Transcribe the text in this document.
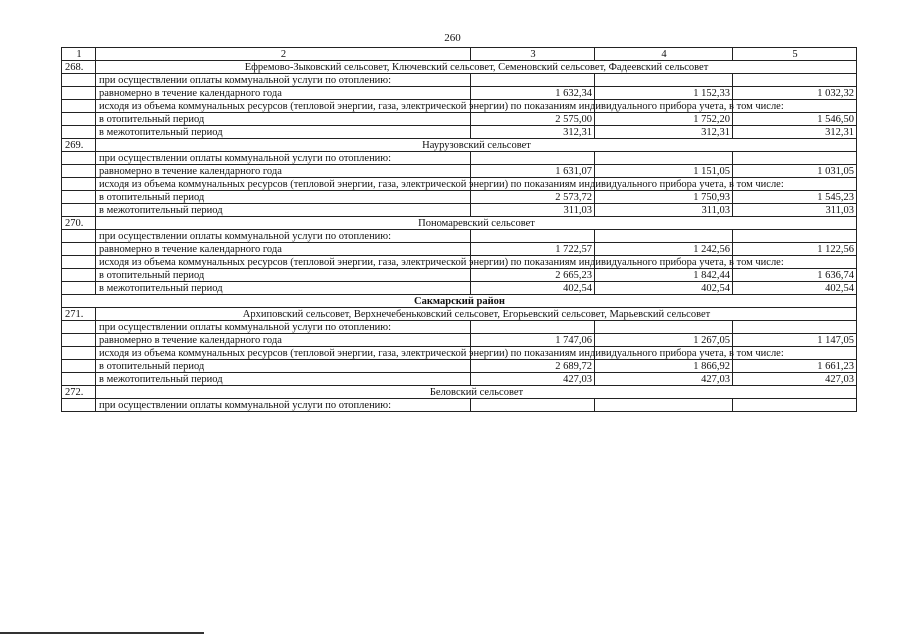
260
1	2	3	4	5
268.	Ефремово-Зыковский сельсовет, Ключевский сельсовет, Семеновский сельсовет, Фадеевский сельсовет			
	при осуществлении оплаты коммунальной услуги по отоплению:			
	равномерно в течение календарного года	1 632,34	1 152,33	1 032,32
	исходя из объема коммунальных ресурсов (тепловой энергии, газа, электрической энергии) по показаниям индивидуального прибора учета, в том числе:			
	в отопительный период	2 575,00	1 752,20	1 546,50
	в межотопительный период	312,31	312,31	312,31
269.	Наурузовский сельсовет			
	при осуществлении оплаты коммунальной услуги по отоплению:			
	равномерно в течение календарного года	1 631,07	1 151,05	1 031,05
	исходя из объема коммунальных ресурсов (тепловой энергии, газа, электрической энергии) по показаниям индивидуального прибора учета, в том числе:			
	в отопительный период	2 573,72	1 750,93	1 545,23
	в межотопительный период	311,03	311,03	311,03
270.	Пономаревский сельсовет			
	при осуществлении оплаты коммунальной услуги по отоплению:			
	равномерно в течение календарного года	1 722,57	1 242,56	1 122,56
	исходя из объема коммунальных ресурсов (тепловой энергии, газа, электрической энергии) по показаниям индивидуального прибора учета, в том числе:			
	в отопительный период	2 665,23	1 842,44	1 636,74
	в межотопительный период	402,54	402,54	402,54
Сакмарский район				
271.	Архиповский сельсовет, Верхнечебеньковский сельсовет, Егорьевский сельсовет, Марьевский сельсовет			
	при осуществлении оплаты коммунальной услуги по отоплению:			
	равномерно в течение календарного года	1 747,06	1 267,05	1 147,05
	исходя из объема коммунальных ресурсов (тепловой энергии, газа, электрической энергии) по показаниям индивидуального прибора учета, в том числе:			
	в отопительный период	2 689,72	1 866,92	1 661,23
	в межотопительный период	427,03	427,03	427,03
272.	Беловский сельсовет			
	при осуществлении оплаты коммунальной услуги по отоплению:			
